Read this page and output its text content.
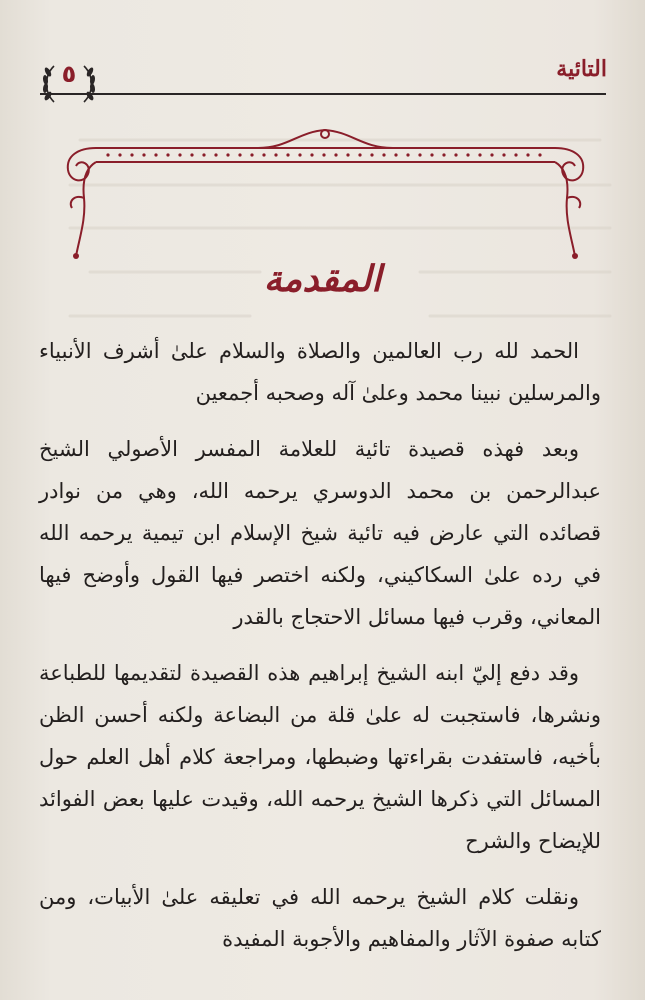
التائية
٥
المقدمة

الحمد لله رب العالمين والصلاة والسلام علىٰ أشرف الأنبياء والمرسلين نبينا محمد وعلىٰ آله وصحبه أجمعين

وبعد فهذه قصيدة تائية للعلامة المفسر الأصولي الشيخ عبدالرحمن بن محمد الدوسري يرحمه الله، وهي من نوادر قصائده التي عارض فيه تائية شيخ الإسلام ابن تيمية يرحمه الله في رده علىٰ السكاكيني، ولكنه اختصر فيها القول وأوضح فيها المعاني، وقرب فيها مسائل الاحتجاج بالقدر

وقد دفع إليّ ابنه الشيخ إبراهيم هذه القصيدة لتقديمها للطباعة ونشرها، فاستجبت له علىٰ قلة من البضاعة ولكنه أحسن الظن بأخيه، فاستفدت بقراءتها وضبطها، ومراجعة كلام أهل العلم حول المسائل التي ذكرها الشيخ يرحمه الله، وقيدت عليها بعض الفوائد للإيضاح والشرح

ونقلت كلام الشيخ يرحمه الله في تعليقه علىٰ الأبيات، ومن كتابه صفوة الآثار والمفاهيم والأجوبة المفيدة
